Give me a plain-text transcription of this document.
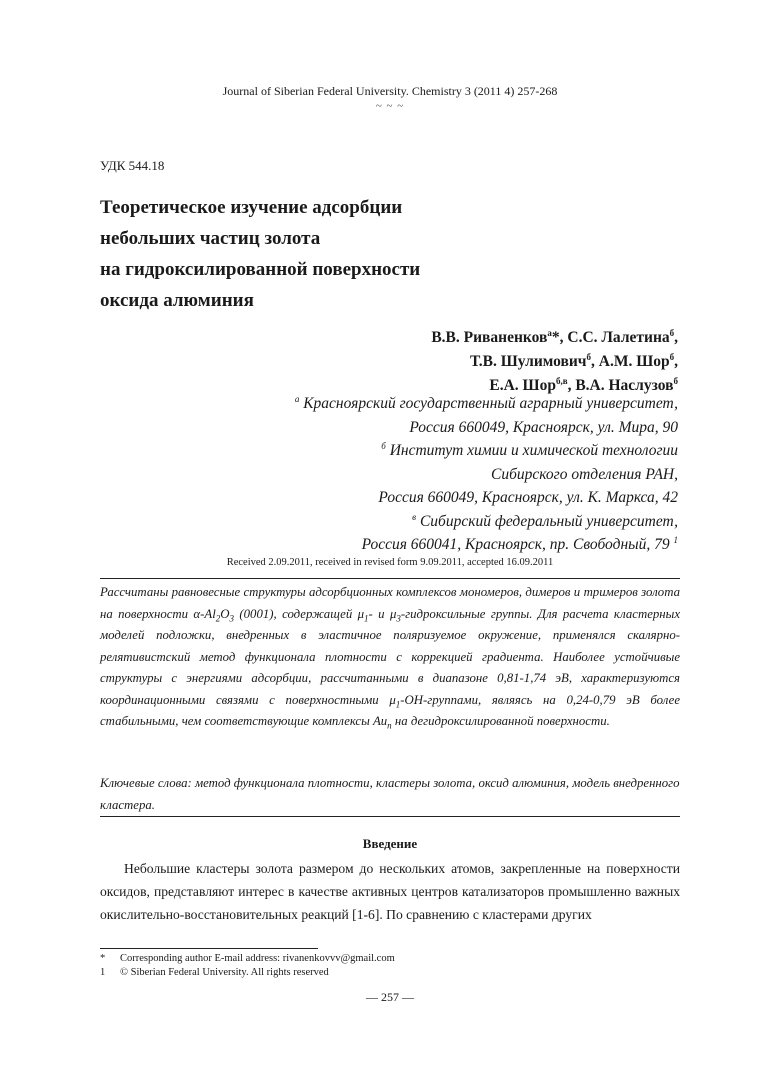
Journal of Siberian Federal University. Chemistry 3 (2011 4) 257-268
~ ~ ~
УДК 544.18
Теоретическое изучение адсорбции
небольших частиц золота
на гидроксилированной поверхности
оксида алюминия
В.В. Риваненков$^а$*, С.С. Лалетина$^б$,
Т.В. Шулимович$^б$, А.М. Шор$^б$,
Е.А. Шор$^{б,в}$, В.А. Наслузов$^б$
$^а$ Красноярский государственный аграрный университет,
Россия 660049, Красноярск, ул. Мира, 90
$^б$ Институт химии и химической технологии
Сибирского отделения РАН,
Россия 660049, Красноярск, ул. К. Маркса, 42
$^в$ Сибирский федеральный университет,
Россия 660041, Красноярск, пр. Свободный, 79 $^1$
Received 2.09.2011, received in revised form 9.09.2011, accepted 16.09.2011
Рассчитаны равновесные структуры адсорбционных комплексов мономеров, димеров и тримеров золота на поверхности $\alpha-Al_2O_3$ (0001), содержащей $\mu_1-$ и $\mu_3$-гидроксильные группы. Для расчета кластерных моделей подложки, внедренных в эластичное поляризуемое окружение, применялся скалярно-релятивистский метод функционала плотности с коррекцией градиента. Наиболее устойчивые структуры с энергиями адсорбции, рассчитанными в диапазоне 0,81-1,74 эВ, характеризуются координационными связями с поверхностными $\mu_1-OH$-группами, являясь на 0,24-0,79 эВ более стабильными, чем соответствующие комплексы $Au_n$ на дегидроксилированной поверхности.
Ключевые слова: метод функционала плотности, кластеры золота, оксид алюминия, модель внедренного кластера.
Введение
Небольшие кластеры золота размером до нескольких атомов, закрепленные на поверхности оксидов, представляют интерес в качестве активных центров катализаторов промышленно важных окислительно-восстановительных реакций [1-6]. По сравнению с кластерами других
* Corresponding author E-mail address: rivanenkovvv@gmail.com
1 © Siberian Federal University. All rights reserved
— 257 —
